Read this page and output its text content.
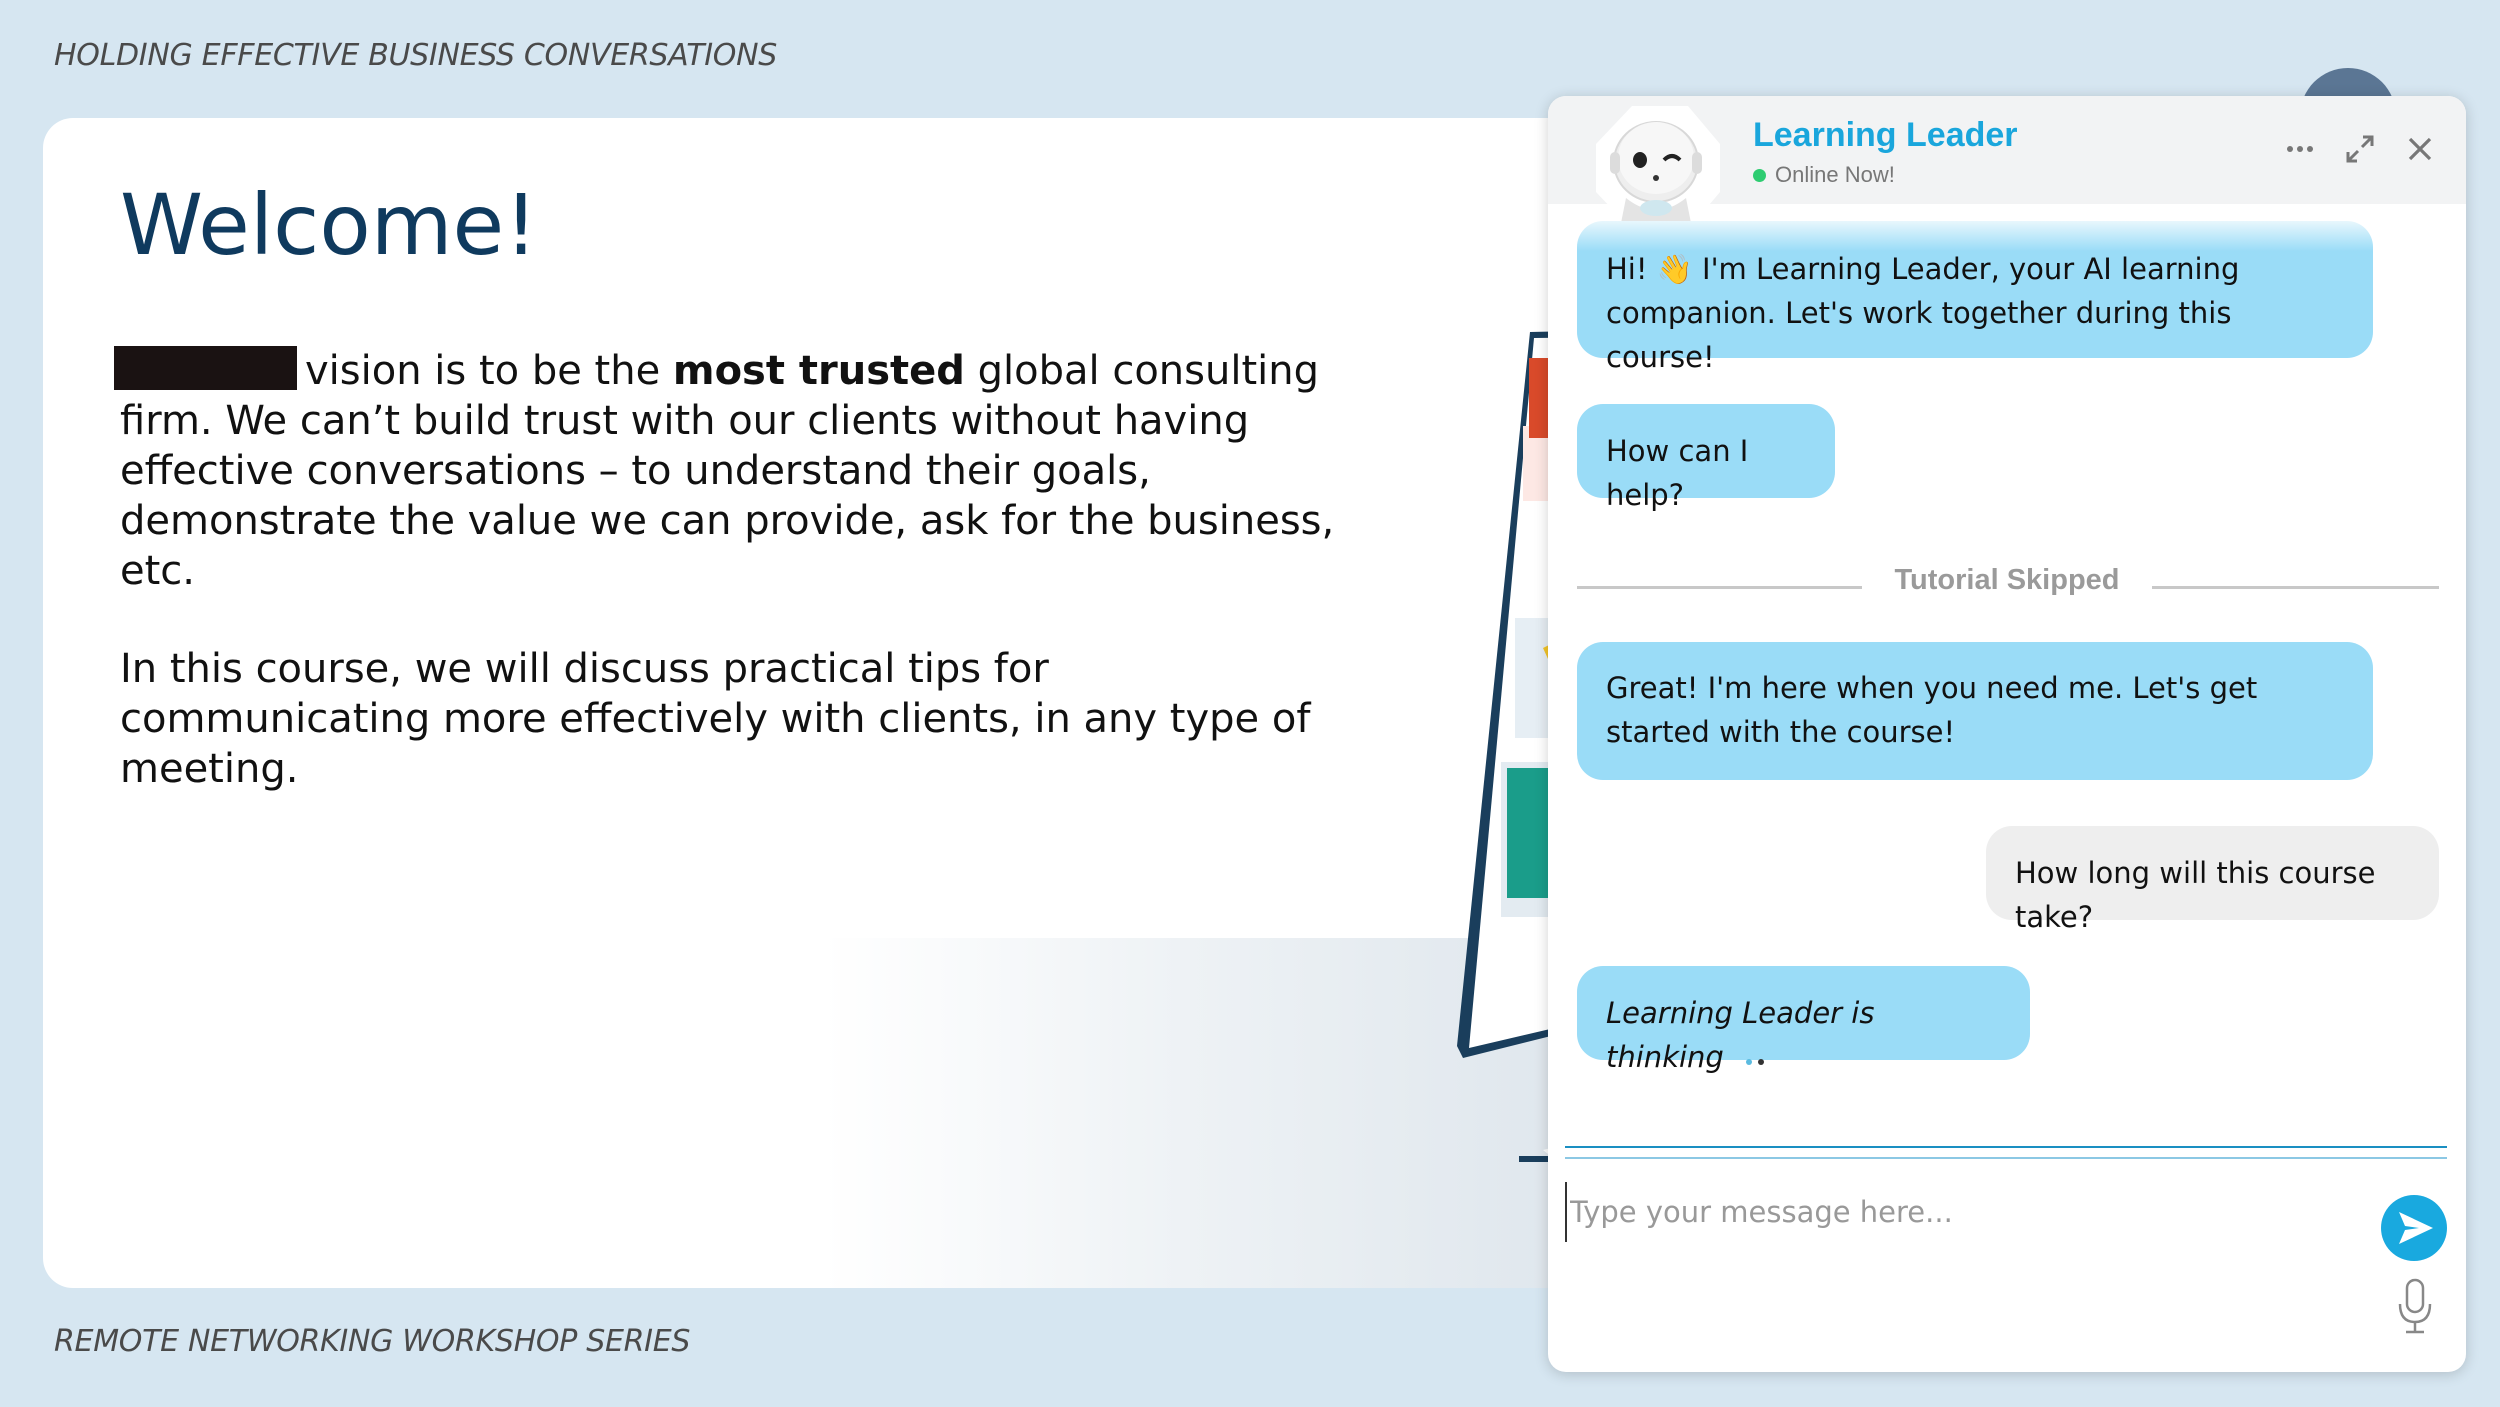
HOLDING EFFECTIVE BUSINESS CONVERSATIONS
Welcome!

vision is to be the most trusted global consulting firm. We can’t build trust with our clients without having effective conversations – to understand their goals, demonstrate the value we can provide, ask for the business, etc.

In this course, we will discuss practical tips for communicating more effectively with clients, in any type of meeting.

REMOTE NETWORKING WORKSHOP SERIES
Learning Leader
Online Now!
Hi! 👋 I'm Learning Leader, your AI learning companion. Let's work together during this course!
How can I help?
Tutorial Skipped
Great! I'm here when you need me. Let's get started with the course!
How long will this course take?
Learning Leader is thinking
Type your message here...
